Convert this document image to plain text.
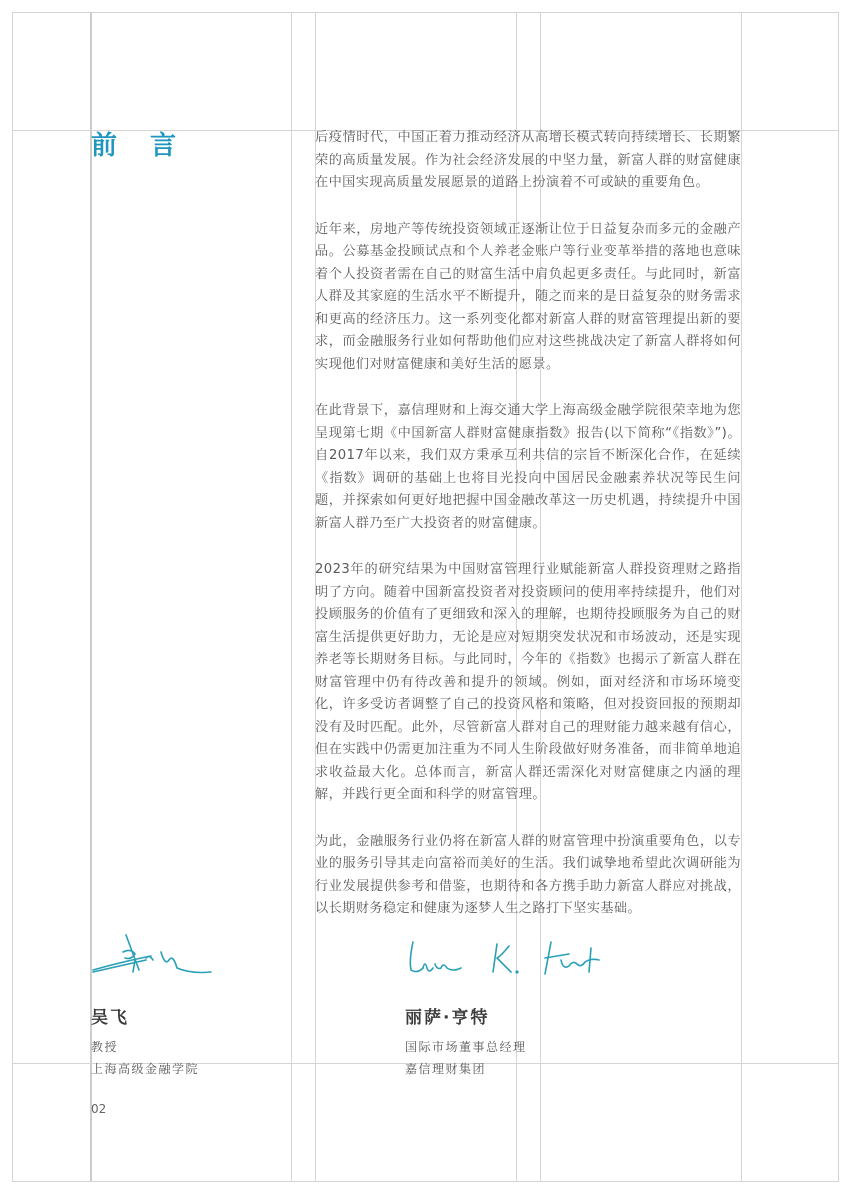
前 言	后疫情时代，中国正着力推动经济从高增长模式转向持续增长、长期繁荣的高质量发展。作为社会经济发展的中坚力量，新富人群的财富健康在中国实现高质量发展愿景的道路上扮演着不可或缺的重要角色。

近年来，房地产等传统投资领域正逐渐让位于日益复杂而多元的金融产品。公募基金投顾试点和个人养老金账户等行业变革举措的落地也意味着个人投资者需在自己的财富生活中肩负起更多责任。与此同时，新富人群及其家庭的生活水平不断提升，随之而来的是日益复杂的财务需求和更高的经济压力。这一系列变化都对新富人群的财富管理提出新的要求，而金融服务行业如何帮助他们应对这些挑战决定了新富人群将如何实现他们对财富健康和美好生活的愿景。

在此背景下，嘉信理财和上海交通大学上海高级金融学院很荣幸地为您呈现第七期《中国新富人群财富健康指数》报告(以下简称“《指数》”)。自2017年以来，我们双方秉承互利共信的宗旨不断深化合作，在延续《指数》调研的基础上也将目光投向中国居民金融素养状况等民生问题，并探索如何更好地把握中国金融改革这一历史机遇，持续提升中国新富人群乃至广大投资者的财富健康。

2023年的研究结果为中国财富管理行业赋能新富人群投资理财之路指明了方向。随着中国新富投资者对投资顾问的使用率持续提升，他们对投顾服务的价值有了更细致和深入的理解，也期待投顾服务为自己的财富生活提供更好助力，无论是应对短期突发状况和市场波动，还是实现养老等长期财务目标。与此同时，今年的《指数》也揭示了新富人群在财富管理中仍有待改善和提升的领域。例如，面对经济和市场环境变化，许多受访者调整了自己的投资风格和策略，但对投资回报的预期却没有及时匹配。此外，尽管新富人群对自己的理财能力越来越有信心，但在实践中仍需更加注重为不同人生阶段做好财务准备，而非简单地追求收益最大化。总体而言，新富人群还需深化对财富健康之内涵的理解，并践行更全面和科学的财富管理。

为此，金融服务行业仍将在新富人群的财富管理中扮演重要角色，以专业的服务引导其走向富裕而美好的生活。我们诚挚地希望此次调研能为行业发展提供参考和借鉴，也期待和各方携手助力新富人群应对挑战，以长期财务稳定和健康为逐梦人生之路打下坚实基础。

吴飞
教授
上海高级金融学院
丽萨·亨特
国际市场董事总经理
嘉信理财集团
02
